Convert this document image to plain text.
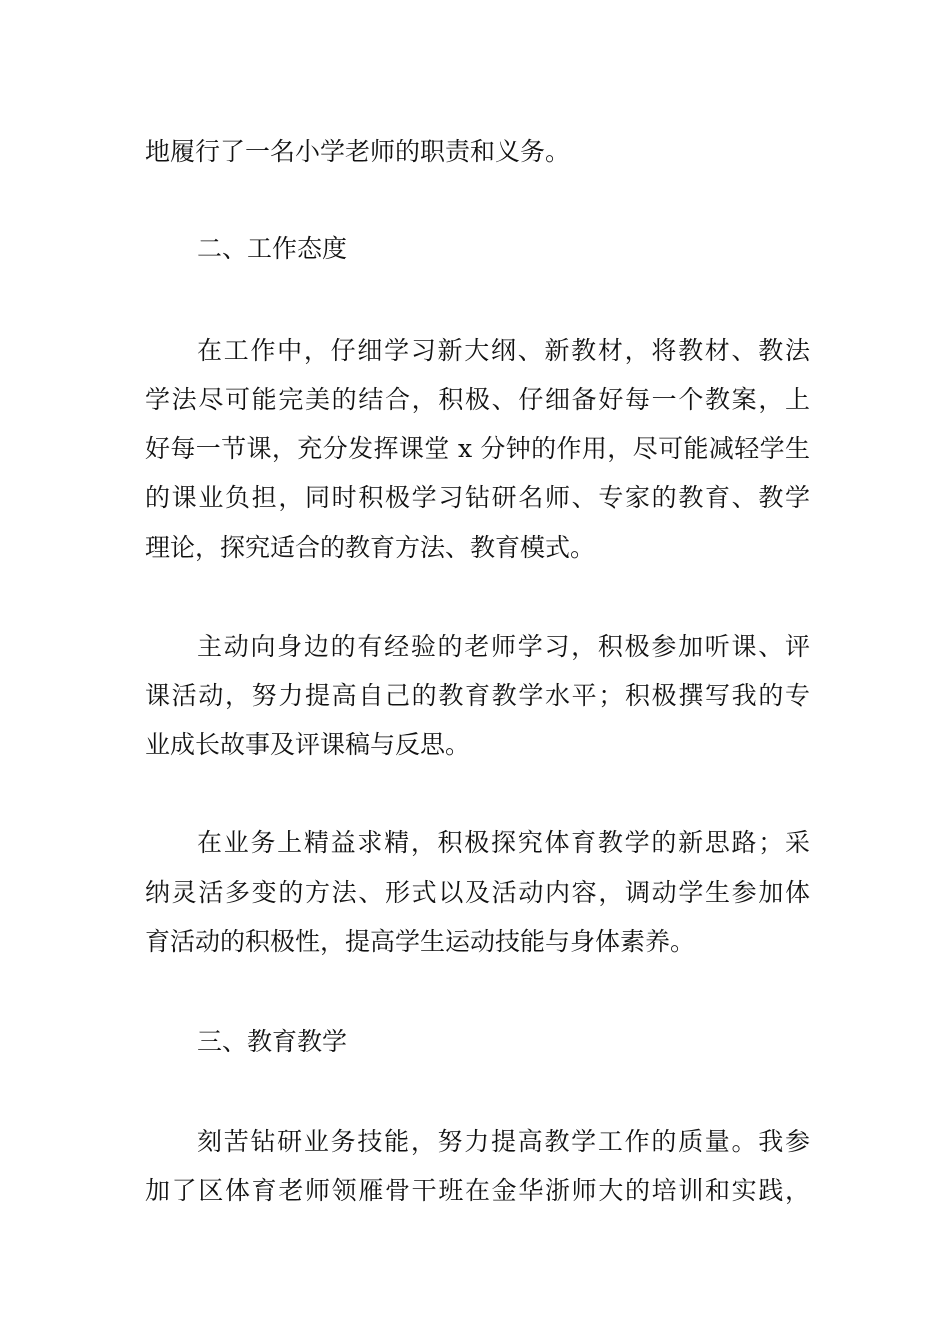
地履行了一名小学老师的职责和义务。
二、工作态度
在工作中，仔细学习新大纲、新教材，将教材、教法
学法尽可能完美的结合，积极、仔细备好每一个教案，上
好每一节课，充分发挥课堂 x 分钟的作用，尽可能减轻学生
的课业负担，同时积极学习钻研名师、专家的教育、教学
理论，探究适合的教育方法、教育模式。
主动向身边的有经验的老师学习，积极参加听课、评
课活动，努力提高自己的教育教学水平；积极撰写我的专
业成长故事及评课稿与反思。
在业务上精益求精，积极探究体育教学的新思路；采
纳灵活多变的方法、形式以及活动内容，调动学生参加体
育活动的积极性，提高学生运动技能与身体素养。
三、教育教学
刻苦钻研业务技能，努力提高教学工作的质量。我参
加了区体育老师领雁骨干班在金华浙师大的培训和实践，
